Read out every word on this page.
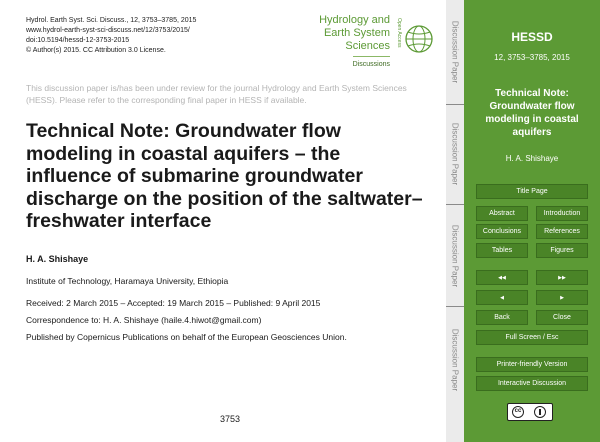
Hydrol. Earth Syst. Sci. Discuss., 12, 3753–3785, 2015
www.hydrol-earth-syst-sci-discuss.net/12/3753/2015/
doi:10.5194/hessd-12-3753-2015
© Author(s) 2015. CC Attribution 3.0 License.
Hydrology and
Earth System
Sciences
Discussions
Open Access

This discussion paper is/has been under review for the journal Hydrology and Earth System Sciences (HESS). Please refer to the corresponding final paper in HESS if available.

Technical Note: Groundwater flow modeling in coastal aquifers – the influence of submarine groundwater discharge on the position of the saltwater–freshwater interface
H. A. Shishaye
Institute of Technology, Haramaya University, Ethiopia
Received: 2 March 2015 – Accepted: 19 March 2015 – Published: 9 April 2015
Correspondence to: H. A. Shishaye (haile.4.hiwot@gmail.com)
Published by Copernicus Publications on behalf of the European Geosciences Union.
3753
Discussion Paper
Discussion Paper
Discussion Paper
Discussion Paper
HESSD
12, 3753–3785, 2015
Technical Note: Groundwater flow modeling in coastal aquifers
H. A. Shishaye
Title Page
Abstract	Introduction
Conclusions	References
Tables	Figures
◀◀	▶▶
◀	▶
Back	Close
Full Screen / Esc
Printer-friendly Version
Interactive Discussion
cc
